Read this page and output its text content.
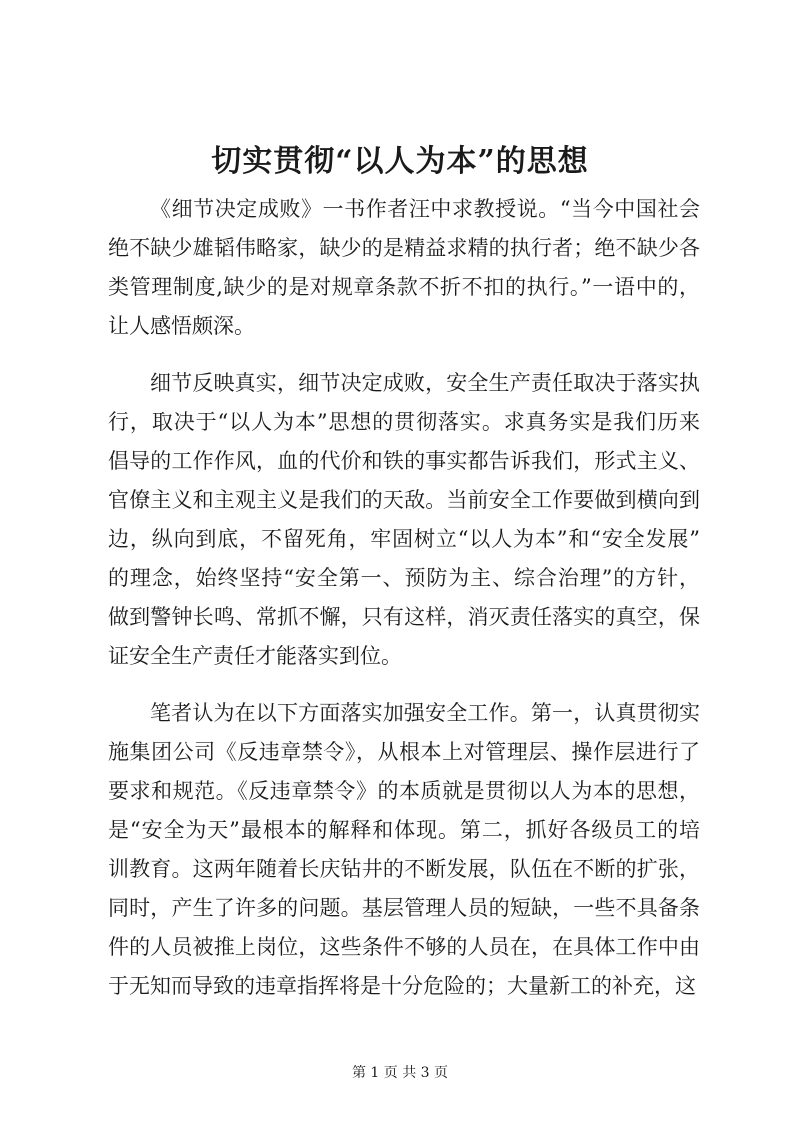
切实贯彻“以人为本”的思想

《细节决定成败》一书作者汪中求教授说。“当今中国社会
绝不缺少雄韬伟略家，缺少的是精益求精的执行者；绝不缺少各
类管理制度,缺少的是对规章条款不折不扣的执行。”一语中的，
让人感悟颇深。

细节反映真实，细节决定成败，安全生产责任取决于落实执
行，取决于“以人为本”思想的贯彻落实。求真务实是我们历来
倡导的工作作风，血的代价和铁的事实都告诉我们，形式主义、
官僚主义和主观主义是我们的天敌。当前安全工作要做到横向到
边，纵向到底，不留死角，牢固树立“以人为本”和“安全发展”
的理念，始终坚持“安全第一、预防为主、综合治理”的方针，
做到警钟长鸣、常抓不懈，只有这样，消灭责任落实的真空，保
证安全生产责任才能落实到位。

笔者认为在以下方面落实加强安全工作。第一，认真贯彻实
施集团公司《反违章禁令》，从根本上对管理层、操作层进行了
要求和规范。《反违章禁令》的本质就是贯彻以人为本的思想，
是“安全为天”最根本的解释和体现。第二，抓好各级员工的培
训教育。这两年随着长庆钻井的不断发展，队伍在不断的扩张，
同时，产生了许多的问题。基层管理人员的短缺，一些不具备条
件的人员被推上岗位，这些条件不够的人员在，在具体工作中由
于无知而导致的违章指挥将是十分危险的；大量新工的补充，这

第 1 页 共 3 页
